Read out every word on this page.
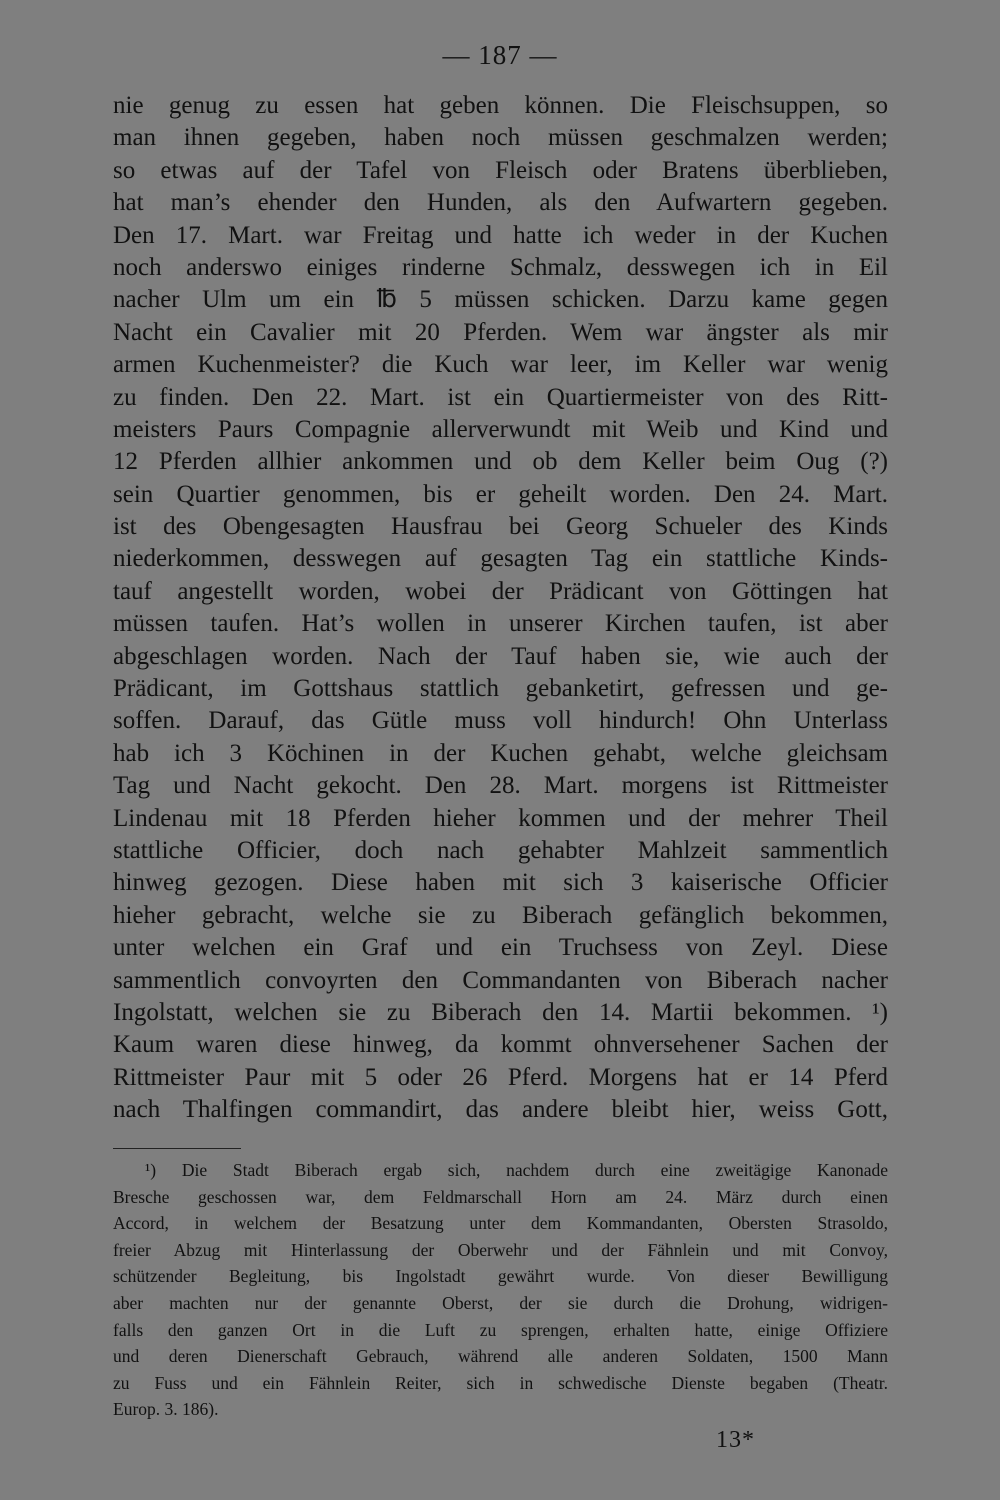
— 187 —
nie genug zu essen hat geben können. Die Fleischsuppen, so
man ihnen gegeben, haben noch müssen geschmalzen werden;
so etwas auf der Tafel von Fleisch oder Bratens überblieben,
hat man’s ehender den Hunden, als den Aufwartern gegeben.
Den 17. Mart. war Freitag und hatte ich weder in der Kuchen
noch anderswo einiges rinderne Schmalz, desswegen ich in Eil
nacher Ulm um ein ℔ 5 müssen schicken. Darzu kame gegen
Nacht ein Cavalier mit 20 Pferden. Wem war ängster als mir
armen Kuchenmeister? die Kuch war leer, im Keller war wenig
zu finden. Den 22. Mart. ist ein Quartiermeister von des Ritt-
meisters Paurs Compagnie allerverwundt mit Weib und Kind und
12 Pferden allhier ankommen und ob dem Keller beim Oug (?)
sein Quartier genommen, bis er geheilt worden. Den 24. Mart.
ist des Obengesagten Hausfrau bei Georg Schueler des Kinds
niederkommen, desswegen auf gesagten Tag ein stattliche Kinds-
tauf angestellt worden, wobei der Prädicant von Göttingen hat
müssen taufen. Hat’s wollen in unserer Kirchen taufen, ist aber
abgeschlagen worden. Nach der Tauf haben sie, wie auch der
Prädicant, im Gottshaus stattlich gebanketirt, gefressen und ge-
soffen. Darauf, das Gütle muss voll hindurch! Ohn Unterlass
hab ich 3 Köchinen in der Kuchen gehabt, welche gleichsam
Tag und Nacht gekocht. Den 28. Mart. morgens ist Rittmeister
Lindenau mit 18 Pferden hieher kommen und der mehrer Theil
stattliche Officier, doch nach gehabter Mahlzeit sammentlich
hinweg gezogen. Diese haben mit sich 3 kaiserische Officier
hieher gebracht, welche sie zu Biberach gefänglich bekommen,
unter welchen ein Graf und ein Truchsess von Zeyl. Diese
sammentlich convoyrten den Commandanten von Biberach nacher
Ingolstatt, welchen sie zu Biberach den 14. Martii bekommen. ¹)
Kaum waren diese hinweg, da kommt ohnversehener Sachen der
Rittmeister Paur mit 5 oder 26 Pferd. Morgens hat er 14 Pferd
nach Thalfingen commandirt, das andere bleibt hier, weiss Gott,
¹) Die Stadt Biberach ergab sich, nachdem durch eine zweitägige Kanonade
Bresche geschossen war, dem Feldmarschall Horn am 24. März durch einen
Accord, in welchem der Besatzung unter dem Kommandanten, Obersten Strasoldo,
freier Abzug mit Hinterlassung der Oberwehr und der Fähnlein und mit Convoy,
schützender Begleitung, bis Ingolstadt gewährt wurde. Von dieser Bewilligung
aber machten nur der genannte Oberst, der sie durch die Drohung, widrigen-
falls den ganzen Ort in die Luft zu sprengen, erhalten hatte, einige Offiziere
und deren Dienerschaft Gebrauch, während alle anderen Soldaten, 1500 Mann
zu Fuss und ein Fähnlein Reiter, sich in schwedische Dienste begaben (Theatr.
Europ. 3. 186).
13*
